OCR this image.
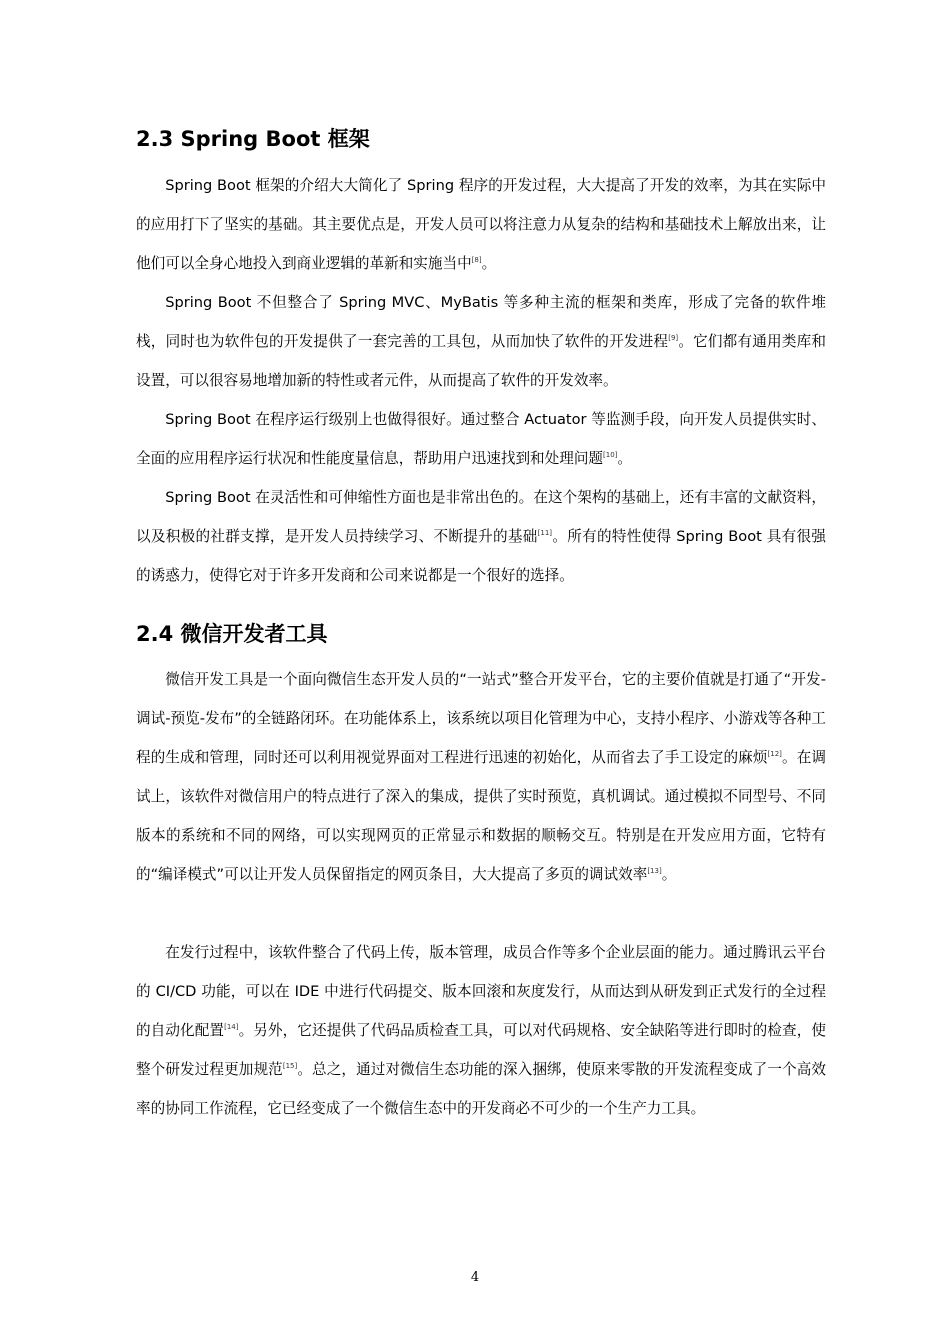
2.3 Spring Boot 框架

Spring Boot 框架的介绍大大简化了 Spring 程序的开发过程，大大提高了开发的效率，为其在实际中的应用打下了坚实的基础。其主要优点是，开发人员可以将注意力从复杂的结构和基础技术上解放出来，让他们可以全身心地投入到商业逻辑的革新和实施当中[8]。

Spring Boot 不但整合了 Spring MVC、MyBatis 等多种主流的框架和类库，形成了完备的软件堆栈，同时也为软件包的开发提供了一套完善的工具包，从而加快了软件的开发进程[9]。它们都有通用类库和设置，可以很容易地增加新的特性或者元件，从而提高了软件的开发效率。

Spring Boot 在程序运行级别上也做得很好。通过整合 Actuator 等监测手段，向开发人员提供实时、全面的应用程序运行状况和性能度量信息，帮助用户迅速找到和处理问题[10]。

Spring Boot 在灵活性和可伸缩性方面也是非常出色的。在这个架构的基础上，还有丰富的文献资料，以及积极的社群支撑，是开发人员持续学习、不断提升的基础[11]。所有的特性使得 Spring Boot 具有很强的诱惑力，使得它对于许多开发商和公司来说都是一个很好的选择。

2.4 微信开发者工具

微信开发工具是一个面向微信生态开发人员的“一站式”整合开发平台，它的主要价值就是打通了“开发-调试-预览-发布”的全链路闭环。在功能体系上，该系统以项目化管理为中心，支持小程序、小游戏等各种工程的生成和管理，同时还可以利用视觉界面对工程进行迅速的初始化，从而省去了手工设定的麻烦[12]。在调试上，该软件对微信用户的特点进行了深入的集成，提供了实时预览，真机调试。通过模拟不同型号、不同版本的系统和不同的网络，可以实现网页的正常显示和数据的顺畅交互。特别是在开发应用方面，它特有的“编译模式”可以让开发人员保留指定的网页条目，大大提高了多页的调试效率[13]。

在发行过程中，该软件整合了代码上传，版本管理，成员合作等多个企业层面的能力。通过腾讯云平台的 CI/CD 功能，可以在 IDE 中进行代码提交、版本回滚和灰度发行，从而达到从研发到正式发行的全过程的自动化配置[14]。另外，它还提供了代码品质检查工具，可以对代码规格、安全缺陷等进行即时的检查，使整个研发过程更加规范[15]。总之，通过对微信生态功能的深入捆绑，使原来零散的开发流程变成了一个高效率的协同工作流程，它已经变成了一个微信生态中的开发商必不可少的一个生产力工具。

4
